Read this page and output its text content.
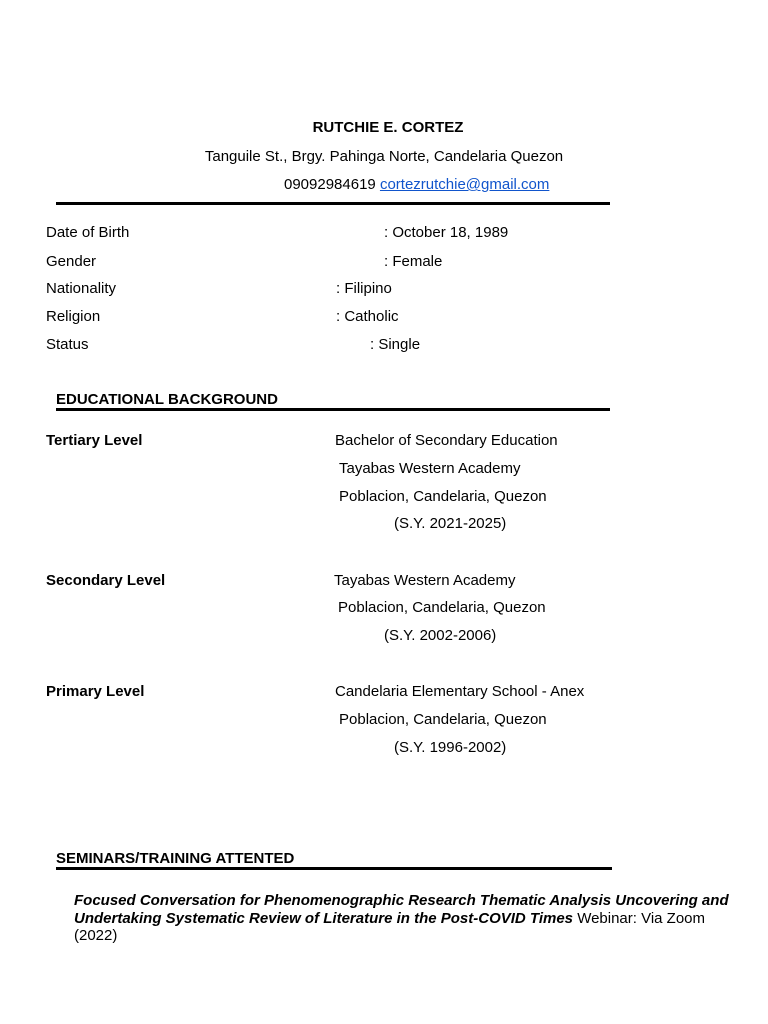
RUTCHIE E. CORTEZ
Tanguile St., Brgy. Pahinga Norte, Candelaria Quezon
09092984619 cortezrutchie@gmail.com
Date of Birth	: October 18, 1989
Gender	: Female
Nationality	: Filipino
Religion	: Catholic
Status	: Single
EDUCATIONAL BACKGROUND
Tertiary Level	Bachelor of Secondary Education
Tayabas Western Academy
Poblacion, Candelaria, Quezon
(S.Y. 2021-2025)
Secondary Level	Tayabas Western Academy
Poblacion, Candelaria, Quezon
(S.Y. 2002-2006)
Primary Level	Candelaria Elementary School - Anex
Poblacion, Candelaria, Quezon
(S.Y. 1996-2002)
SEMINARS/TRAINING ATTENTED
Focused Conversation for Phenomenographic Research Thematic Analysis Uncovering and Undertaking Systematic Review of Literature in the Post-COVID Times Webinar: Via Zoom (2022)
